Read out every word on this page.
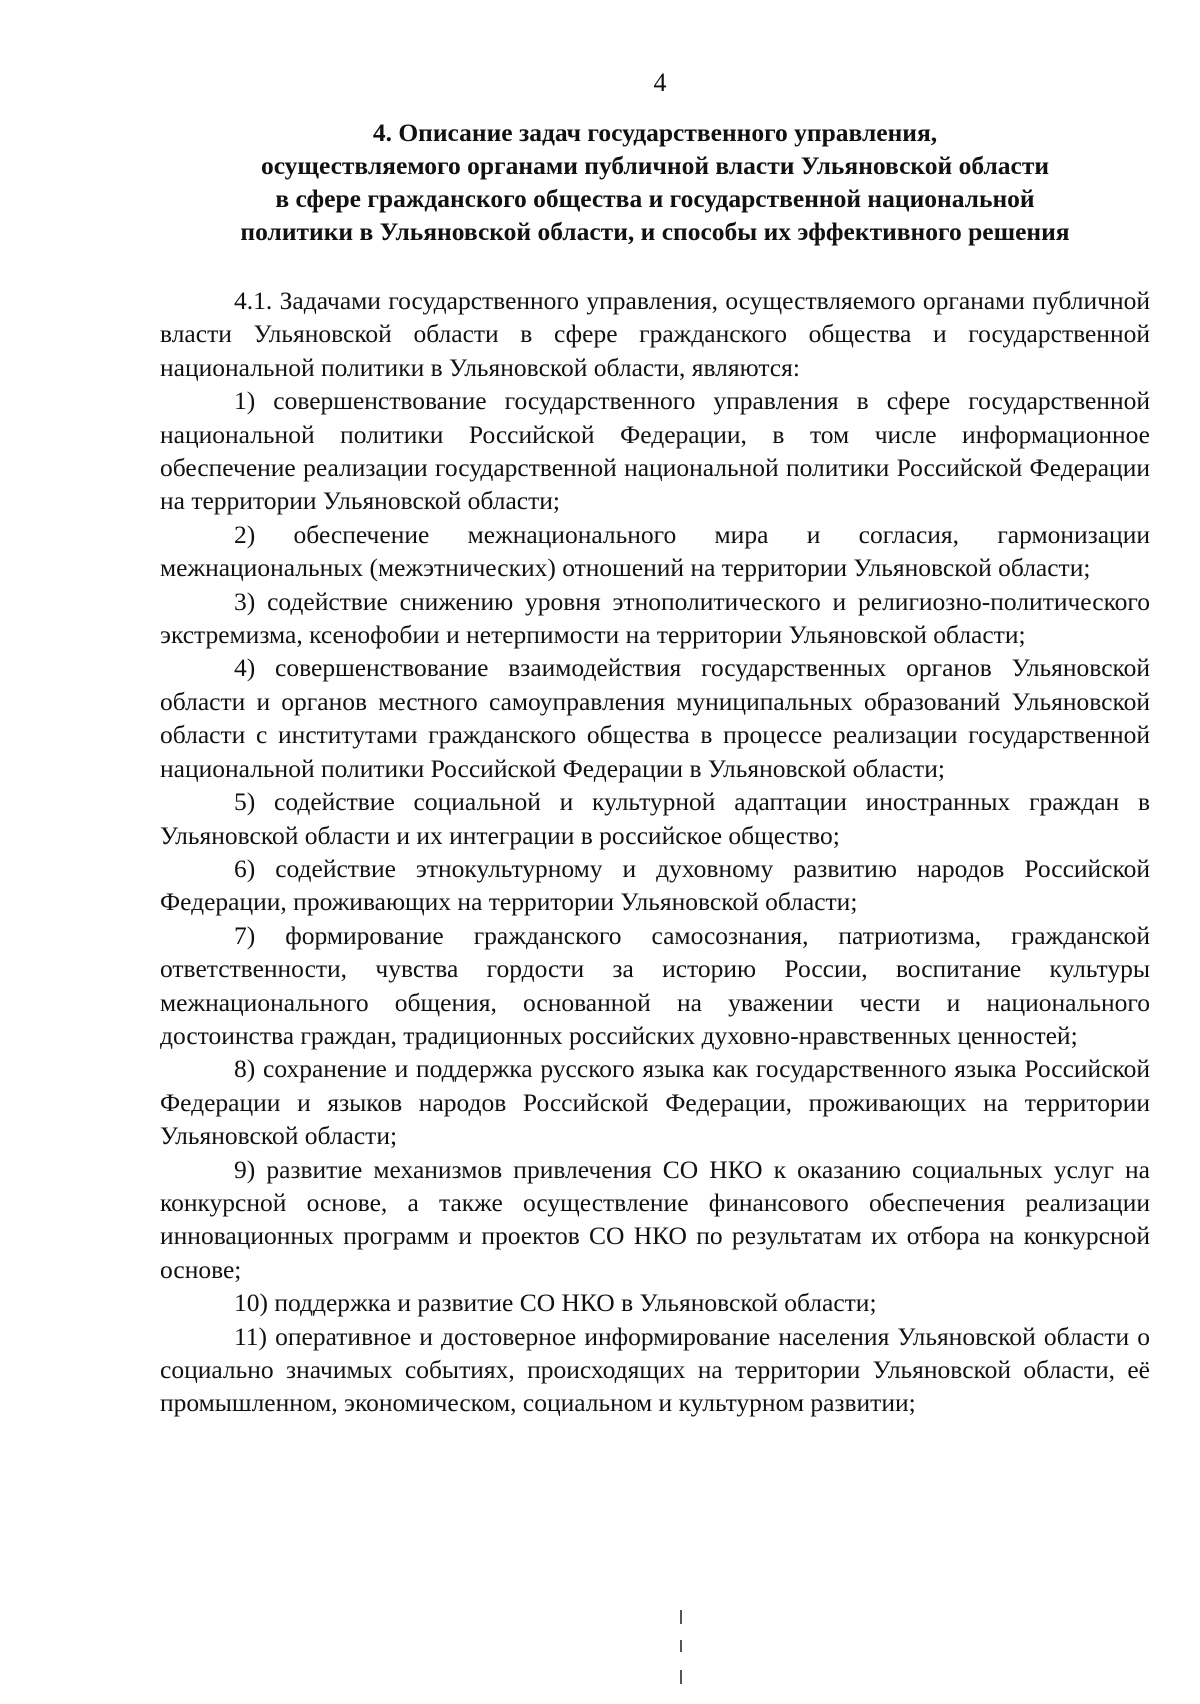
4
4. Описание задач государственного управления,
осуществляемого органами публичной власти Ульяновской области
в сфере гражданского общества и государственной национальной
политики в Ульяновской области, и способы их эффективного решения

4.1. Задачами государственного управления, осуществляемого органами публичной власти Ульяновской области в сфере гражданского общества и государственной национальной политики в Ульяновской области, являются:

1) совершенствование государственного управления в сфере государственной национальной политики Российской Федерации, в том числе информационное обеспечение реализации государственной национальной политики Российской Федерации на территории Ульяновской области;

2) обеспечение межнационального мира и согласия, гармонизации межнациональных (межэтнических) отношений на территории Ульяновской области;

3) содействие снижению уровня этнополитического и религиозно-политического экстремизма, ксенофобии и нетерпимости на территории Ульяновской области;

4) совершенствование взаимодействия государственных органов Ульяновской области и органов местного самоуправления муниципальных образований Ульяновской области с институтами гражданского общества в процессе реализации государственной национальной политики Российской Федерации в Ульяновской области;

5) содействие социальной и культурной адаптации иностранных граждан в Ульяновской области и их интеграции в российское общество;

6) содействие этнокультурному и духовному развитию народов Российской Федерации, проживающих на территории Ульяновской области;

7) формирование гражданского самосознания, патриотизма, гражданской ответственности, чувства гордости за историю России, воспитание культуры межнационального общения, основанной на уважении чести и национального достоинства граждан, традиционных российских духовно-нравственных ценностей;

8) сохранение и поддержка русского языка как государственного языка Российской Федерации и языков народов Российской Федерации, проживающих на территории Ульяновской области;

9) развитие механизмов привлечения СО НКО к оказанию социальных услуг на конкурсной основе, а также осуществление финансового обеспечения реализации инновационных программ и проектов СО НКО по результатам их отбора на конкурсной основе;

10) поддержка и развитие СО НКО в Ульяновской области;

11) оперативное и достоверное информирование населения Ульяновской области о социально значимых событиях, происходящих на территории Ульяновской области, её промышленном, экономическом, социальном и культурном развитии;
